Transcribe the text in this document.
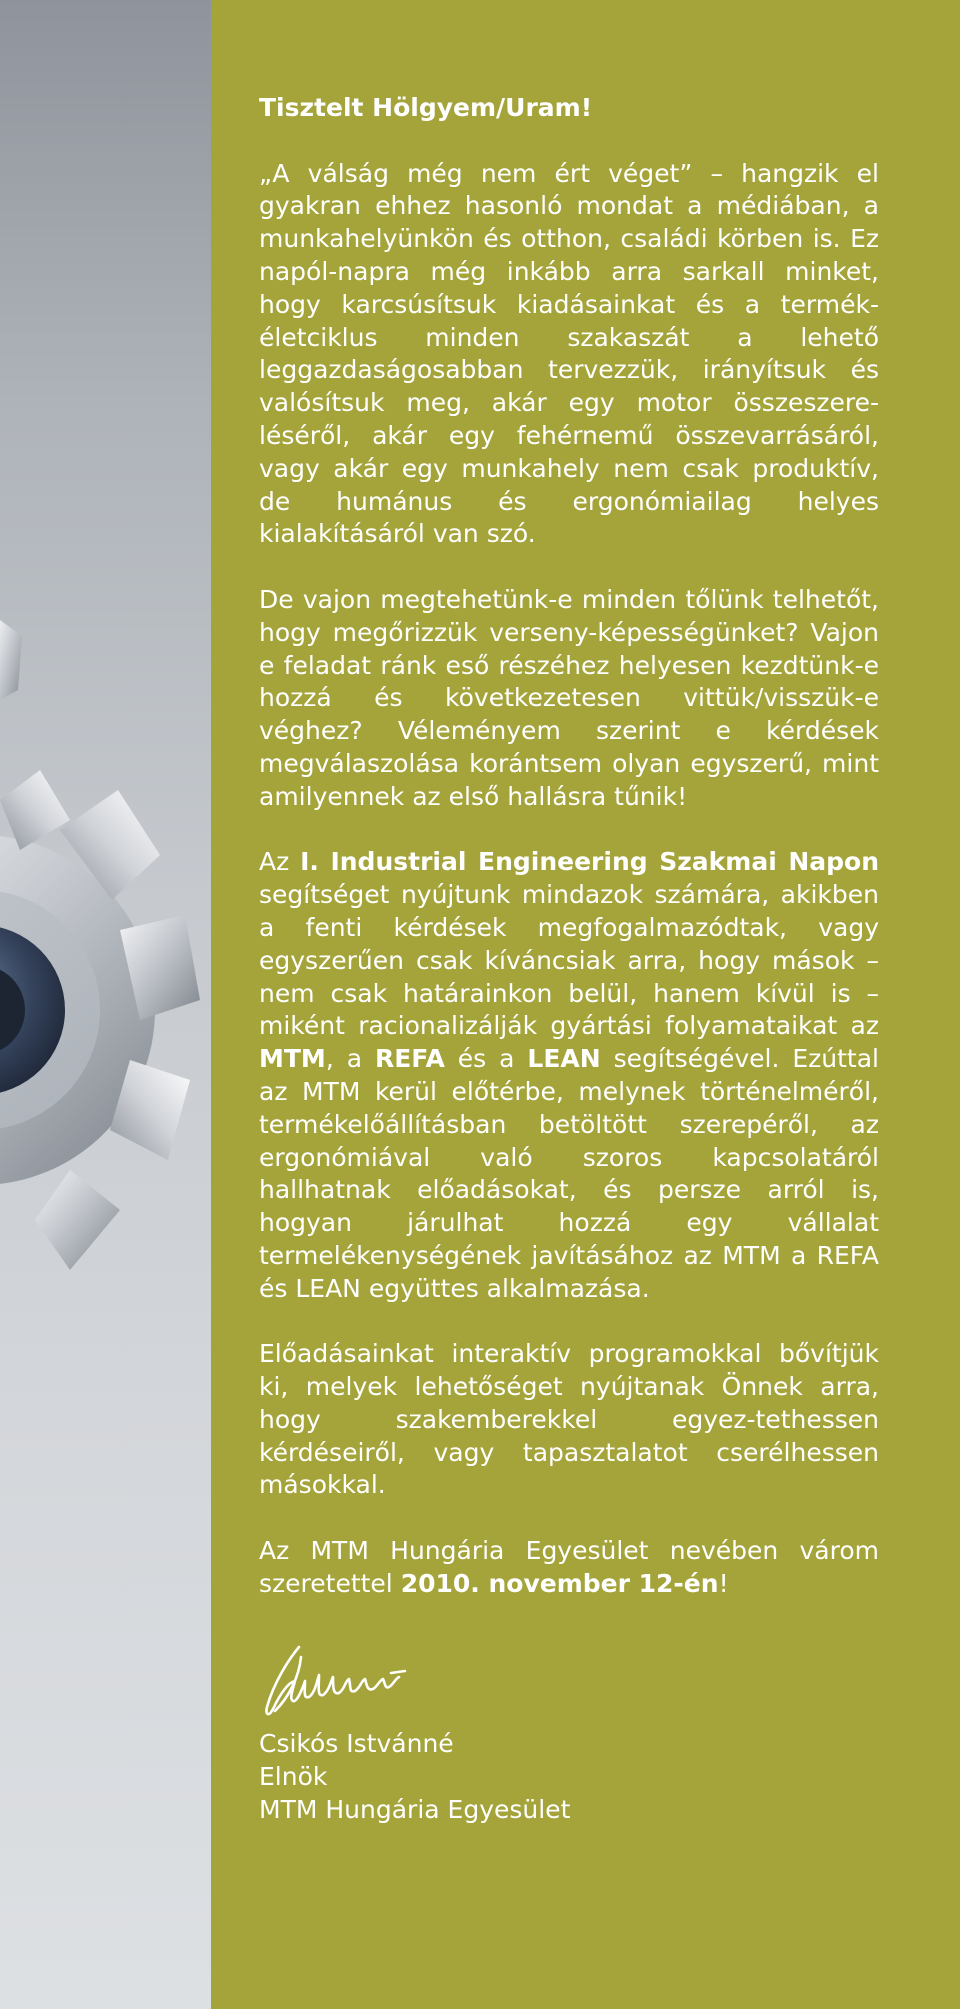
Tisztelt Hölgyem/Uram!

„A válság még nem ért véget” – hangzik el gyakran ehhez hasonló mondat a médiában, a munkahelyünkön és otthon, családi körben is. Ez napól-napra még inkább arra sarkall minket, hogy karcsúsítsuk kiadásainkat és a termék-életciklus minden szakaszát a lehető leggazdaságosabban tervezzük, irányítsuk és valósítsuk meg, akár egy motor összeszere-léséről, akár egy fehérnemű összevarrásáról, vagy akár egy munkahely nem csak produktív, de humánus és ergonómiailag helyes kialakításáról van szó.

De vajon megtehetünk-e minden tőlünk telhetőt, hogy megőrizzük verseny-képességünket? Vajon e feladat ránk eső részéhez helyesen kezdtünk-e hozzá és következetesen vittük/visszük-e véghez? Véleményem szerint e kérdések megválaszolása korántsem olyan egyszerű, mint amilyennek az első hallásra tűnik!

Az I. Industrial Engineering Szakmai Napon segítséget nyújtunk mindazok számára, akikben a fenti kérdések megfogalmazódtak, vagy egyszerűen csak kíváncsiak arra, hogy mások – nem csak határainkon belül, hanem kívül is – miként racionalizálják gyártási folyamataikat az MTM, a REFA és a LEAN segítségével. Ezúttal az MTM kerül előtérbe, melynek történelméről, termékelőállításban betöltött szerepéről, az ergonómiával való szoros kapcsolatáról hallhatnak előadásokat, és persze arról is, hogyan járulhat hozzá egy vállalat termelékenységének javításához az MTM a REFA és LEAN együttes alkalmazása.

Előadásainkat interaktív programokkal bővítjük ki, melyek lehetőséget nyújtanak Önnek arra, hogy szakemberekkel egyez-tethessen kérdéseiről, vagy tapasztalatot cserélhessen másokkal.

Az MTM Hungária Egyesület nevében várom szeretettel 2010. november 12-én!

Csikós Istvánné
Elnök
MTM Hungária Egyesület
